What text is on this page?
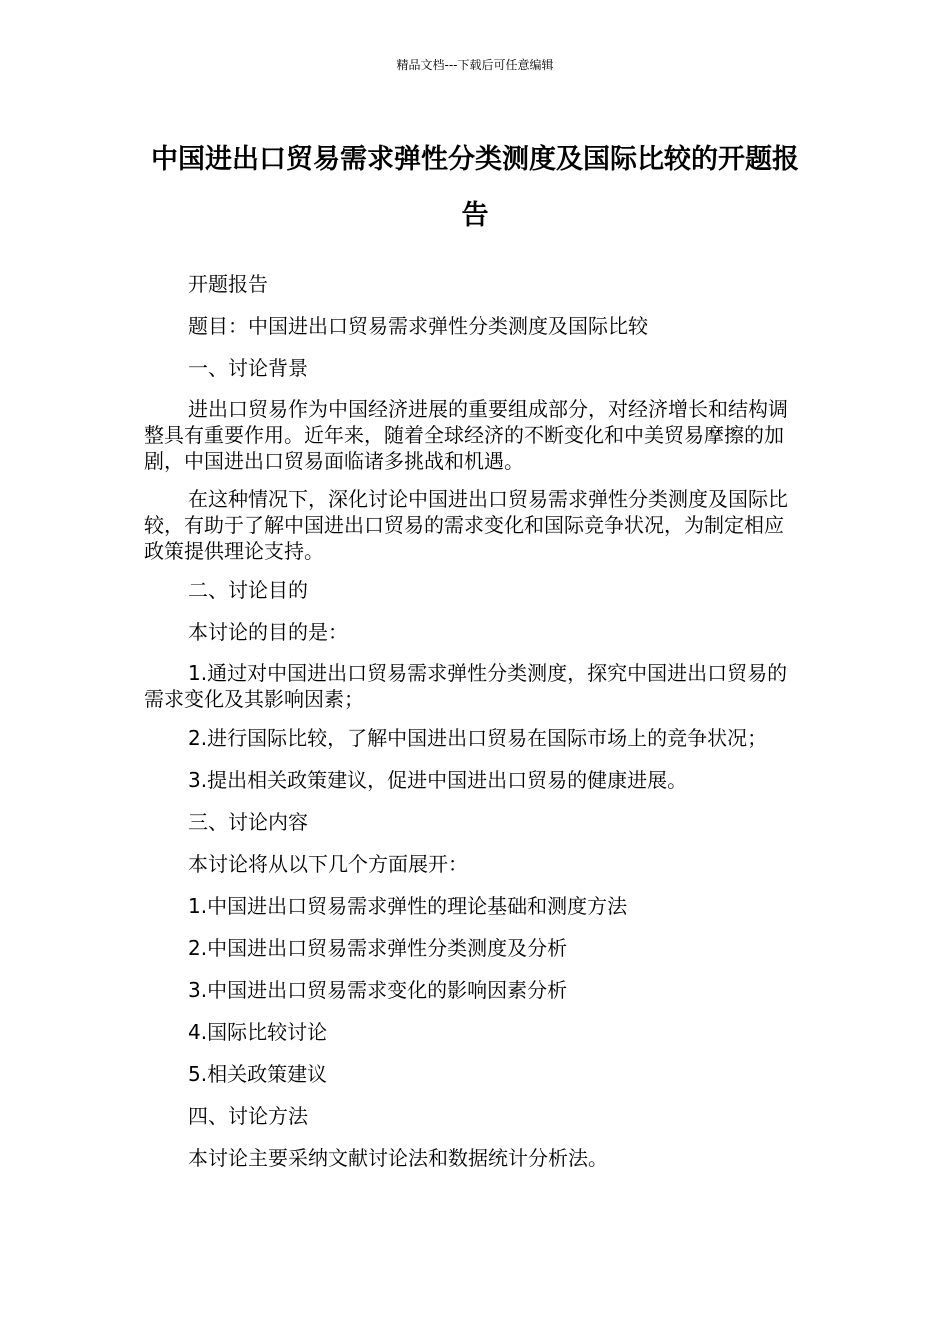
精品文档---下载后可任意编辑
中国进出口贸易需求弹性分类测度及国际比较的开题报告

开题报告

题目：中国进出口贸易需求弹性分类测度及国际比较

一、讨论背景

进出口贸易作为中国经济进展的重要组成部分，对经济增长和结构调整具有重要作用。近年来，随着全球经济的不断变化和中美贸易摩擦的加剧，中国进出口贸易面临诸多挑战和机遇。

在这种情况下，深化讨论中国进出口贸易需求弹性分类测度及国际比较，有助于了解中国进出口贸易的需求变化和国际竞争状况，为制定相应政策提供理论支持。

二、讨论目的

本讨论的目的是：

1.通过对中国进出口贸易需求弹性分类测度，探究中国进出口贸易的需求变化及其影响因素；

2.进行国际比较，了解中国进出口贸易在国际市场上的竞争状况；

3.提出相关政策建议，促进中国进出口贸易的健康进展。

三、讨论内容

本讨论将从以下几个方面展开：

1.中国进出口贸易需求弹性的理论基础和测度方法

2.中国进出口贸易需求弹性分类测度及分析

3.中国进出口贸易需求变化的影响因素分析

4.国际比较讨论

5.相关政策建议

四、讨论方法

本讨论主要采纳文献讨论法和数据统计分析法。
